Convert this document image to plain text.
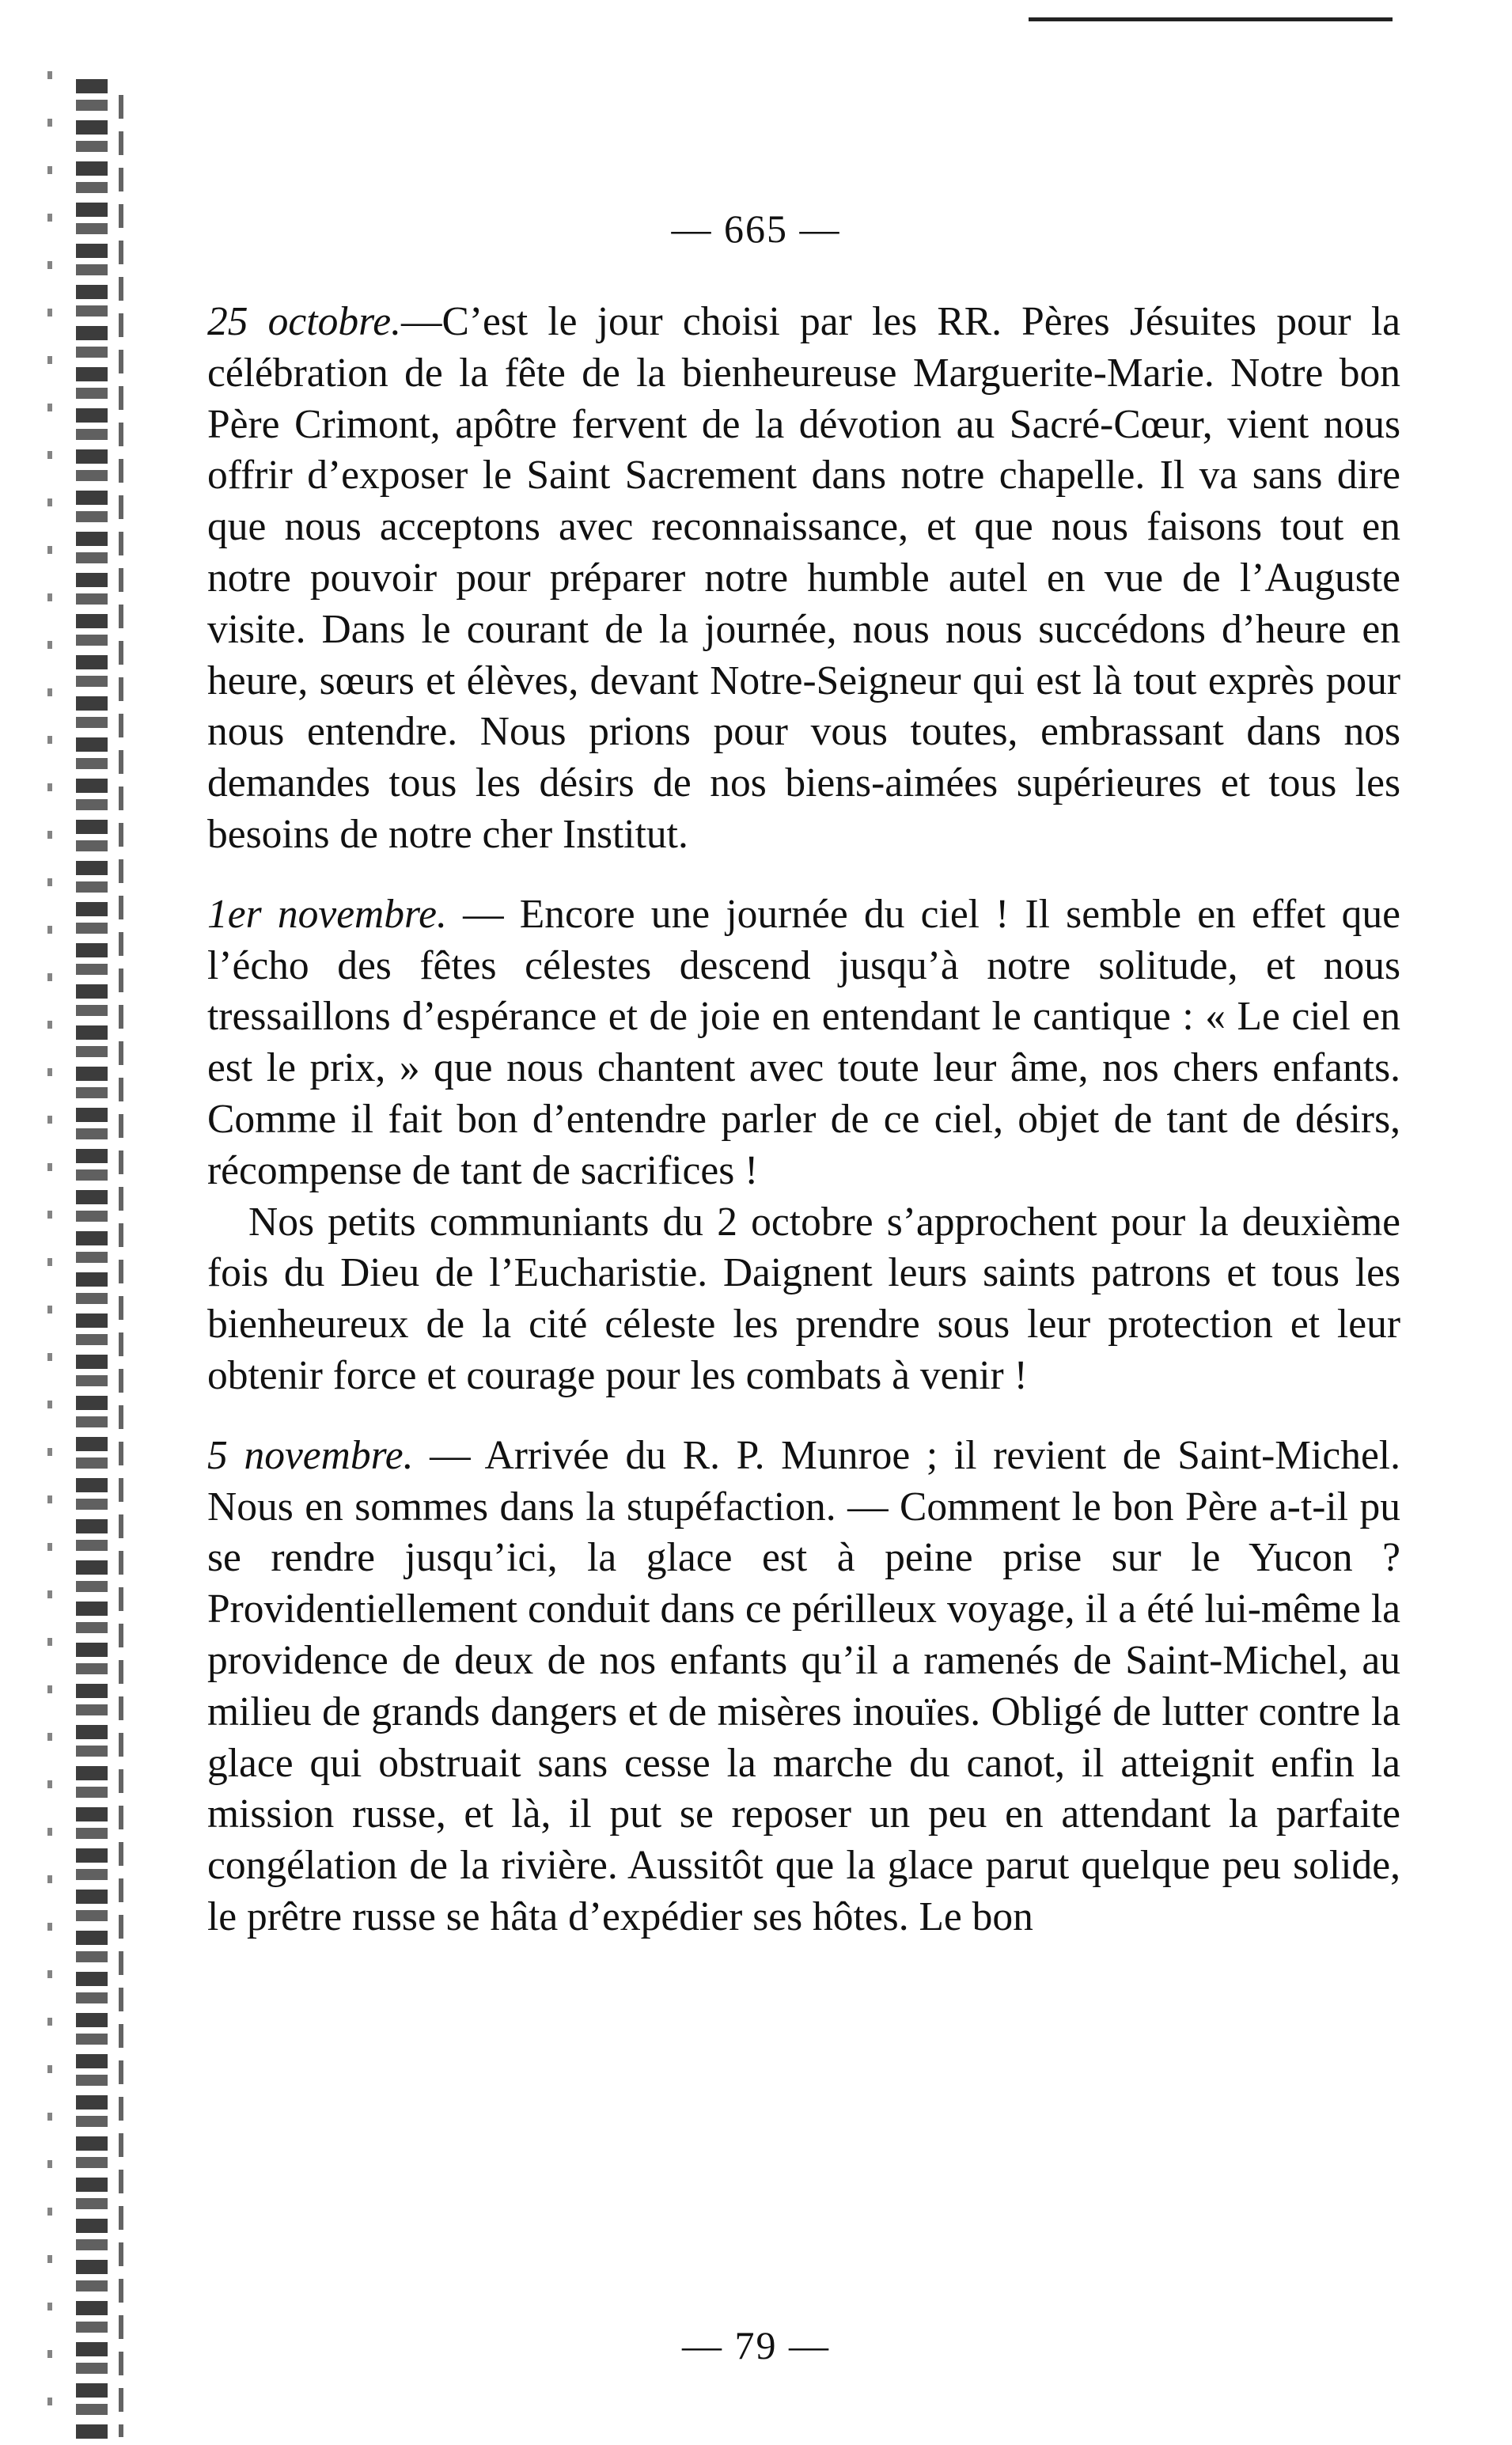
— 665 —

25 octobre.—C’est le jour choisi par les RR. Pères Jésuites pour la célébration de la fête de la bienheureuse Marguerite-Marie. Notre bon Père Crimont, apôtre fervent de la dévotion au Sacré-Cœur, vient nous offrir d’exposer le Saint Sacrement dans notre chapelle. Il va sans dire que nous acceptons avec reconnaissance, et que nous faisons tout en notre pouvoir pour préparer notre humble autel en vue de l’Auguste visite. Dans le courant de la journée, nous nous succédons d’heure en heure, sœurs et élèves, devant Notre-Seigneur qui est là tout exprès pour nous entendre. Nous prions pour vous toutes, embrassant dans nos demandes tous les désirs de nos biens-aimées supérieures et tous les besoins de notre cher Institut.

1er novembre. — Encore une journée du ciel ! Il semble en effet que l’écho des fêtes célestes descend jusqu’à notre solitude, et nous tressaillons d’espérance et de joie en entendant le cantique : « Le ciel en est le prix, » que nous chantent avec toute leur âme, nos chers enfants. Comme il fait bon d’entendre parler de ce ciel, objet de tant de désirs, récompense de tant de sacrifices !

Nos petits communiants du 2 octobre s’approchent pour la deuxième fois du Dieu de l’Eucharistie. Daignent leurs saints patrons et tous les bienheureux de la cité céleste les prendre sous leur protection et leur obtenir force et courage pour les combats à venir !

5 novembre. — Arrivée du R. P. Munroe ; il revient de Saint-Michel. Nous en sommes dans la stupéfaction. — Comment le bon Père a-t-il pu se rendre jusqu’ici, la glace est à peine prise sur le Yucon ? Providentiellement conduit dans ce périlleux voyage, il a été lui-même la providence de deux de nos enfants qu’il a ramenés de Saint-Michel, au milieu de grands dangers et de misères inouïes. Obligé de lutter contre la glace qui obstruait sans cesse la marche du canot, il atteignit enfin la mission russe, et là, il put se reposer un peu en attendant la parfaite congélation de la rivière. Aussitôt que la glace parut quelque peu solide, le prêtre russe se hâta d’expédier ses hôtes. Le bon

— 79 —
